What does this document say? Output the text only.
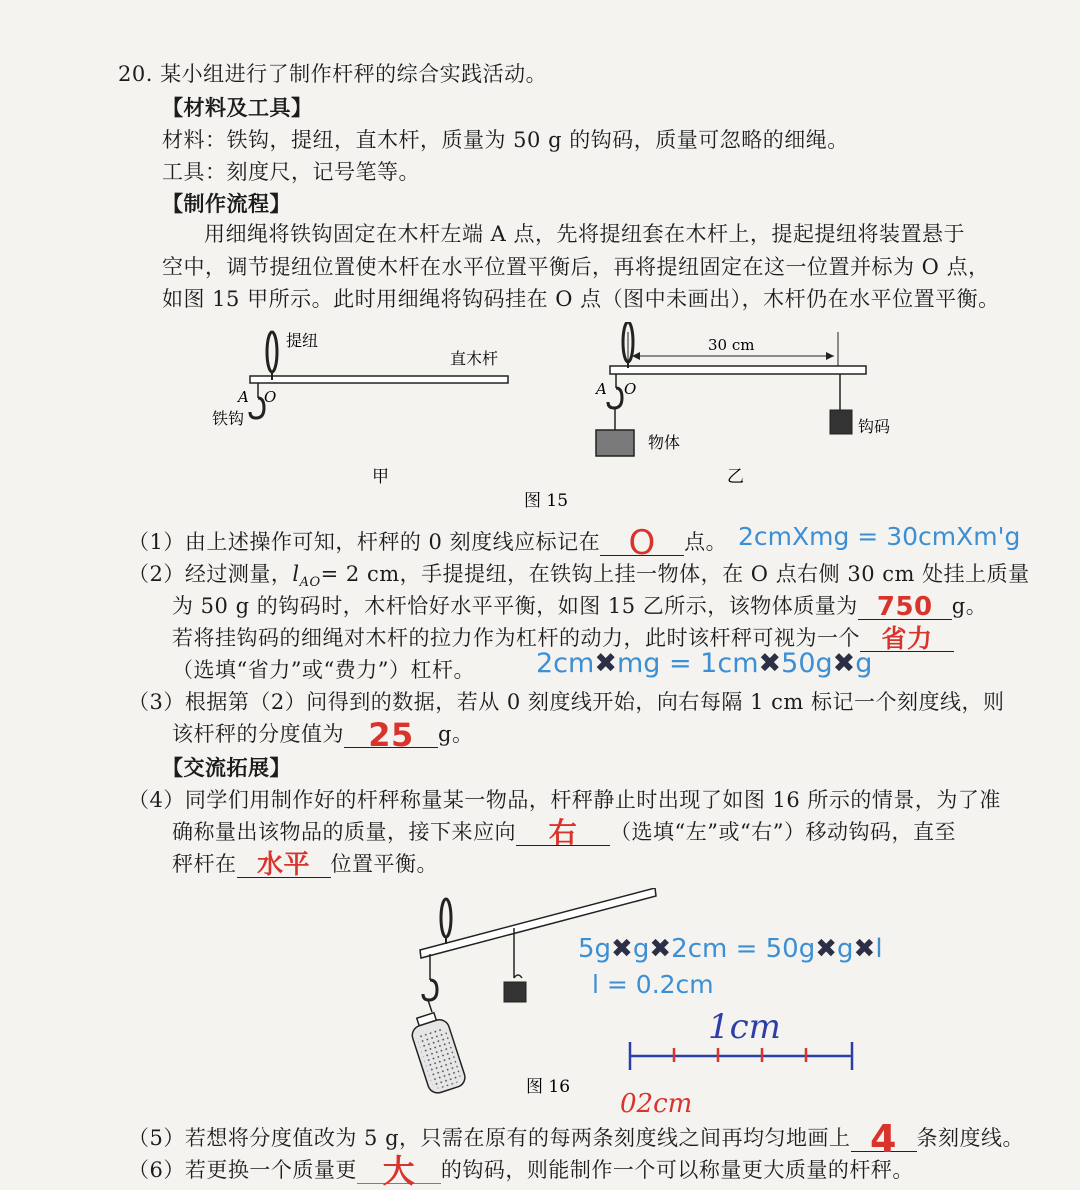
20. 某小组进行了制作杆秤的综合实践活动。
【材料及工具】
材料：铁钩，提纽，直木杆，质量为 50 g 的钩码，质量可忽略的细绳。
工具：刻度尺，记号笔等。
【制作流程】
用细绳将铁钩固定在木杆左端 A 点，先将提纽套在木杆上，提起提纽将装置悬于
空中，调节提纽位置使木杆在水平位置平衡后，再将提纽固定在这一位置并标为 O 点，
如图 15 甲所示。此时用细绳将钩码挂在 O 点（图中未画出），木杆仍在水平位置平衡。
提纽
直木杆
A O
铁钩
甲
30 cm
A O
物体
钩码
乙
图 15
（1）由上述操作可知，杆秤的 0 刻度线应标记在 O	点。 2cmXmg = 30cmXm'g
（2）经过测量，$l_{AO}= 2$ cm，手提提纽，在铁钩上挂一物体，在 O 点右侧 30 cm 处挂上质量
为 50 g 的钩码时，木杆恰好水平平衡，如图 15 乙所示，该物体质量为 750 g。
若将挂钩码的细绳对木杆的拉力作为杠杆的动力，此时该杆秤可视为一个 省力
（选填“省力”或“费力”）杠杆。 2cm✖mg = 1cm✖50g✖g
（3）根据第（2）问得到的数据，若从 0 刻度线开始，向右每隔 1 cm 标记一个刻度线，则
该杆秤的分度值为 25	g。
【交流拓展】
（4）同学们用制作好的杆秤称量某一物品，杆秤静止时出现了如图 16 所示的情景，为了准
确称量出该物品的质量，接下来应向	右	（选填“左”或“右”）移动钩码，直至
秤杆在 水平 位置平衡。
图 16
5g✖g✖2cm = 50g✖g✖l
l = 0.2cm
1cm
02cm
（5）若想将分度值改为 5 g，只需在原有的每两条刻度线之间再均匀地画上 4 条刻度线。
（6）若更换一个质量更 大	的钩码，则能制作一个可以称量更大质量的杆秤。
